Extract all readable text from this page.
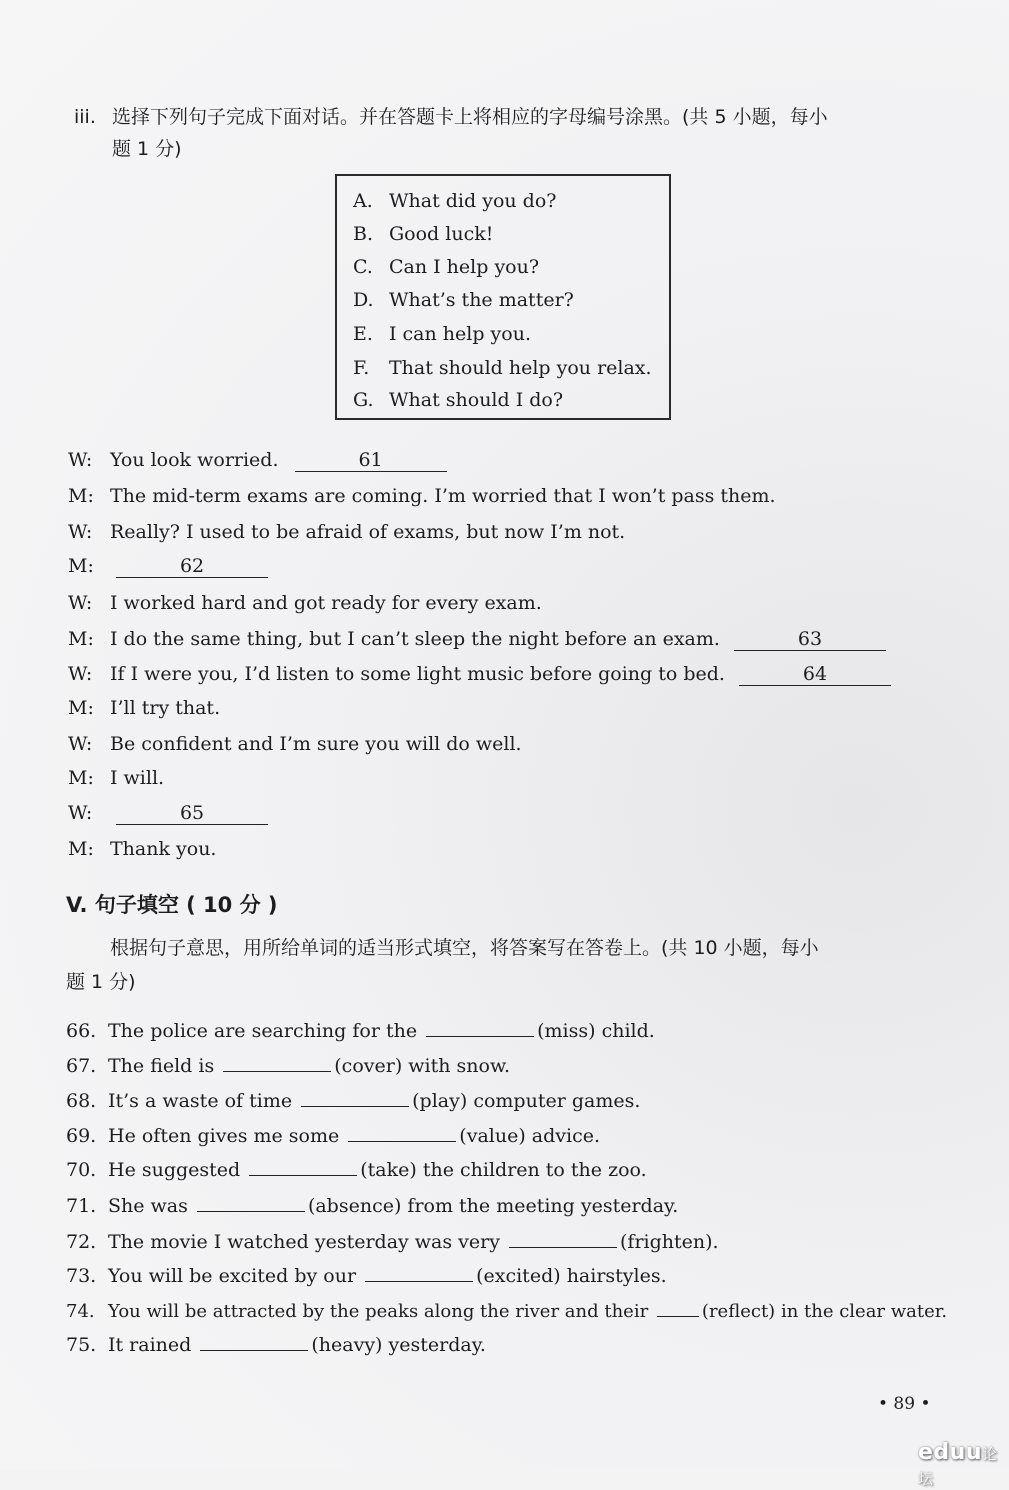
iii. 选择下列句子完成下面对话。并在答题卡上将相应的字母编号涂黑。(共 5 小题，每小
题 1 分)
A. What did you do?
B. Good luck!
C. Can I help you?
D. What’s the matter?
E. I can help you.
F. That should help you relax.
G. What should I do?
W: You look worried.	61
M: The mid-term exams are coming. I’m worried that I won’t pass them.
W: Really? I used to be afraid of exams, but now I’m not.
M:	62
W: I worked hard and got ready for every exam.
M: I do the same thing, but I can’t sleep the night before an exam.	63
W: If I were you, I’d listen to some light music before going to bed.	64
M: I’ll try that.
W: Be confident and I’m sure you will do well.
M: I will.
W:	65
M: Thank you.
V. 句子填空 ( 10 分 )
根据句子意思，用所给单词的适当形式填空，将答案写在答卷上。(共 10 小题，每小
题 1 分)
66. The police are searching for the	(miss) child.
67. The field is	(cover) with snow.
68. It’s a waste of time	(play) computer games.
69. He often gives me some	(value) advice.
70. He suggested	(take) the children to the zoo.
71. She was	(absence) from the meeting yesterday.
72. The movie I watched yesterday was very	(frighten).
73. You will be excited by our	(excited) hairstyles.
74. You will be attracted by the peaks along the river and their	(reflect) in the clear water.
75. It rained	(heavy) yesterday.
• 89 •
eduu论坛
